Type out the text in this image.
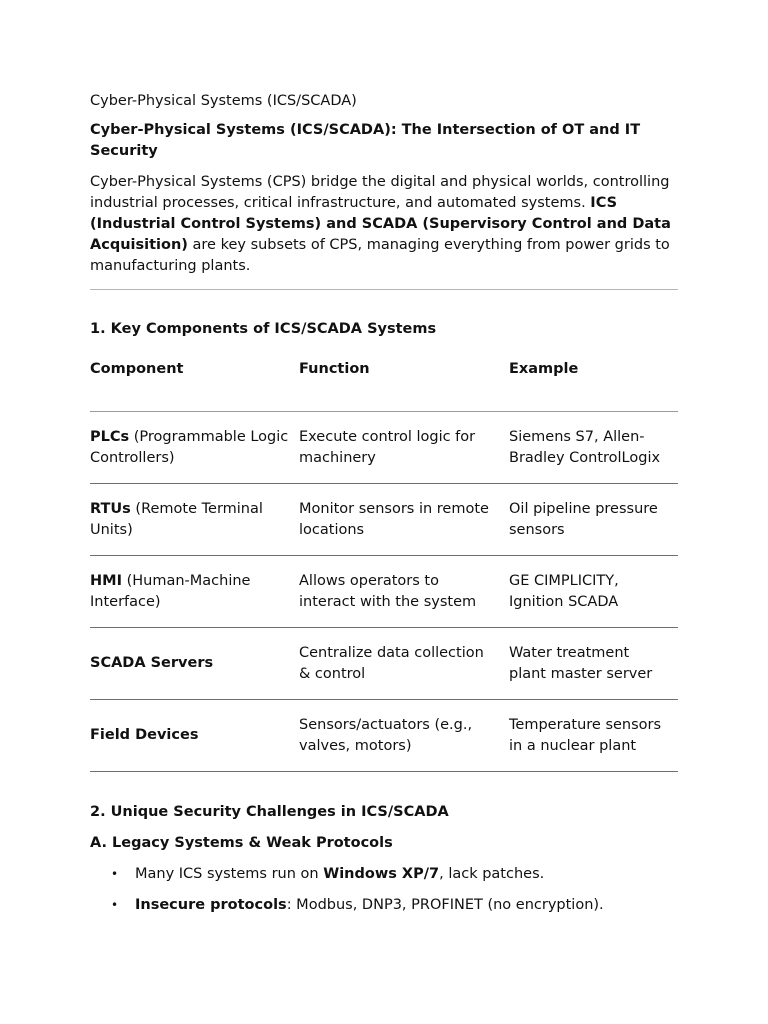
Cyber-Physical Systems (ICS/SCADA)
Cyber-Physical Systems (ICS/SCADA): The Intersection of OT and IT Security

Cyber-Physical Systems (CPS) bridge the digital and physical worlds, controlling industrial processes, critical infrastructure, and automated systems. ICS (Industrial Control Systems) and SCADA (Supervisory Control and Data Acquisition) are key subsets of CPS, managing everything from power grids to manufacturing plants.

1. Key Components of ICS/SCADA Systems
Component	Function	Example
PLCs (Programmable Logic Controllers)
Execute control logic for machinery
Siemens S7, Allen-Bradley ControlLogix
RTUs (Remote Terminal Units)
Monitor sensors in remote locations
Oil pipeline pressure sensors
HMI (Human-Machine Interface)
Allows operators to interact with the system
GE CIMPLICITY, Ignition SCADA
SCADA Servers
Centralize data collection & control
Water treatment plant master server
Field Devices
Sensors/actuators (e.g., valves, motors)
Temperature sensors in a nuclear plant
2. Unique Security Challenges in ICS/SCADA
A. Legacy Systems & Weak Protocols
• Many ICS systems run on Windows XP/7, lack patches.
• Insecure protocols: Modbus, DNP3, PROFINET (no encryption).
